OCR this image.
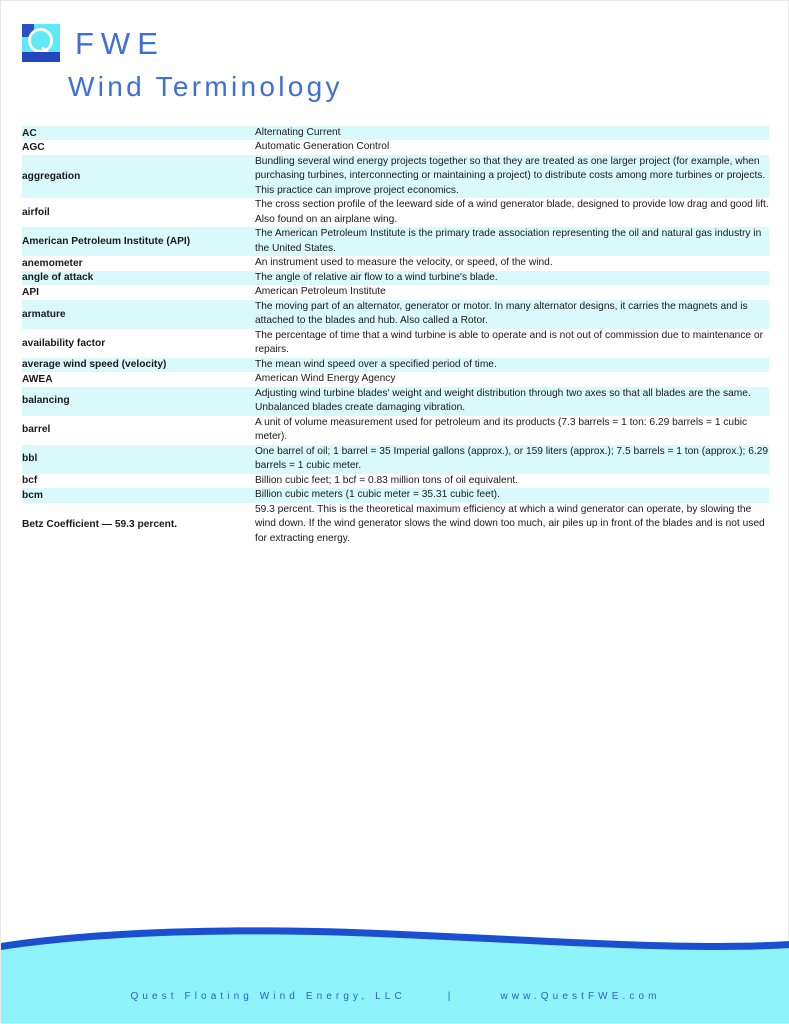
FWE
Wind Terminology
AC	Alternating Current
AGC	Automatic Generation Control
aggregation	Bundling several wind energy projects together so that they are treated as one larger project (for example, when purchasing turbines, interconnecting or maintaining a project) to distribute costs among more turbines or projects. This practice can improve project economics.
airfoil	The cross section profile of the leeward side of a wind generator blade, designed to provide low drag and good lift. Also found on an airplane wing.
American Petroleum Institute (API)	The American Petroleum Institute is the primary trade association representing the oil and natural gas industry in the United States.
anemometer	An instrument used to measure the velocity, or speed, of the wind.
angle of attack	The angle of relative air flow to a wind turbine's blade.
API	American Petroleum Institute
armature	The moving part of an alternator, generator or motor. In many alternator designs, it carries the magnets and is attached to the blades and hub. Also called a Rotor.
availability factor	The percentage of time that a wind turbine is able to operate and is not out of commission due to maintenance or repairs.
average wind speed (velocity)	The mean wind speed over a specified period of time.
AWEA	American Wind Energy Agency
balancing	Adjusting wind turbine blades' weight and weight distribution through two axes so that all blades are the same. Unbalanced blades create damaging vibration.
barrel	A unit of volume measurement used for petroleum and its products (7.3 barrels = 1 ton: 6.29 barrels = 1 cubic meter).
bbl	One barrel of oil; 1 barrel = 35 Imperial gallons (approx.), or 159 liters (approx.); 7.5 barrels = 1 ton (approx.); 6.29 barrels = 1 cubic meter.
bcf	Billion cubic feet; 1 bcf = 0.83 million tons of oil equivalent.
bcm	Billion cubic meters (1 cubic meter = 35.31 cubic feet).
Betz Coefficient — 59.3 percent.	59.3 percent. This is the theoretical maximum efficiency at which a wind generator can operate, by slowing the wind down. If the wind generator slows the wind down too much, air piles up in front of the blades and is not used for extracting energy.
Quest Floating Wind Energy, LLC	|	www.QuestFWE.com
